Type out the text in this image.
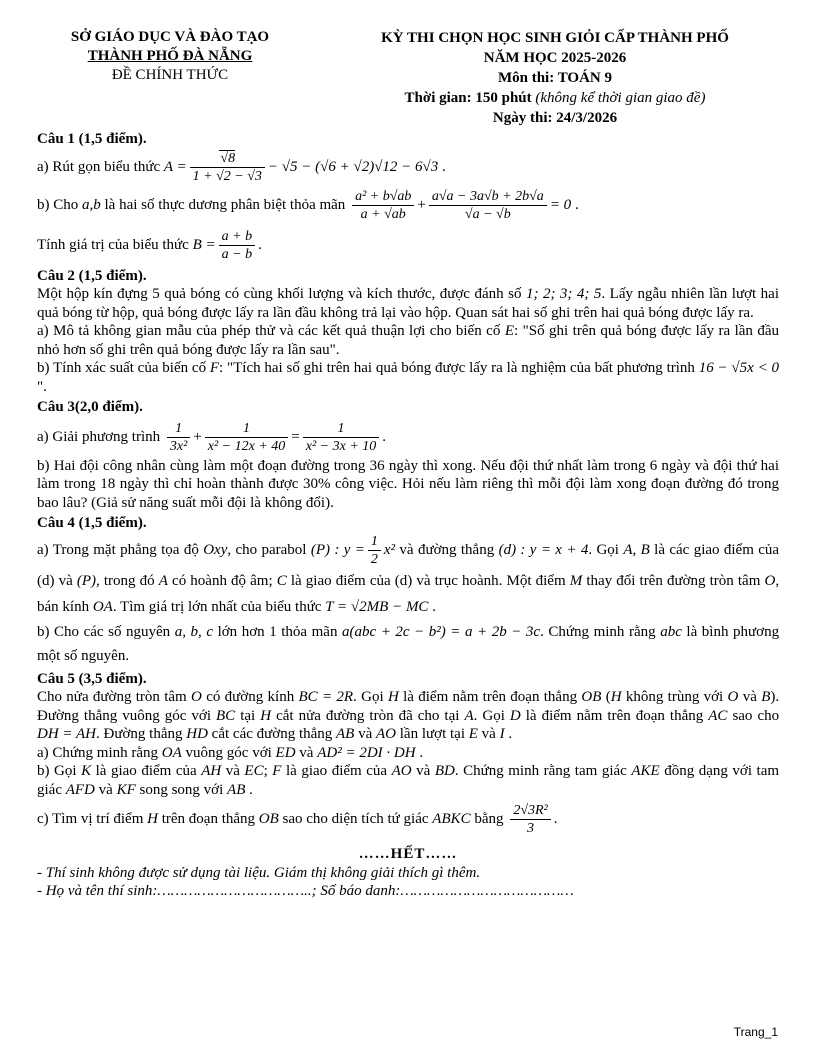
SỞ GIÁO DỤC VÀ ĐÀO TẠO
THÀNH PHỐ ĐÀ NẴNG
ĐỀ CHÍNH THỨC
KỲ THI CHỌN HỌC SINH GIỎI CẤP THÀNH PHỐ
NĂM HỌC 2025-2026
Môn thi: TOÁN 9
Thời gian: 150 phút (không kể thời gian giao đề)
Ngày thi: 24/3/2026
Câu 1 (1,5 điểm).
a) Rút gọn biểu thức $A = \frac{√8}{1 + √2 - √3} - √5 - (√6 + √2)√12 - 6√3$ .
b) Cho a,b là hai số thực dương phân biệt thỏa mãn $\frac{\text{a² + b√ab}}{a + √ab} + \frac{a√a - 3a√b + 2b√a}{√a - √b} = 0$ .
Tính giá trị của biểu thức $B = \frac{a + b}{a - b}$ .
Câu 2 (1,5 điểm).
Một hộp kín đựng 5 quả bóng có cùng khối lượng và kích thước, được đánh số 1; 2; 3; 4; 5. Lấy ngẫu nhiên lần lượt hai quả bóng từ hộp, quả bóng được lấy ra lần đầu không trả lại vào hộp. Quan sát hai số ghi trên hai quả bóng được lấy ra.
a) Mô tả không gian mẫu của phép thử và các kết quả thuận lợi cho biến cố E: "Số ghi trên quả bóng được lấy ra lần đầu nhỏ hơn số ghi trên quả bóng được lấy ra lần sau".
b) Tính xác suất của biến cố F: "Tích hai số ghi trên hai quả bóng được lấy ra là nghiệm của bất phương trình 16 − √5x < 0 ".
Câu 3(2,0 điểm).
a) Giải phương trình $\frac{1}{\text{3x²}} + \frac{1}{\text{x² − 12x + 40}} = \frac{1}{\text{x² − 3x + 10}}$ .
b) Hai đội công nhân cùng làm một đoạn đường trong 36 ngày thì xong. Nếu đội thứ nhất làm trong 6 ngày và đội thứ hai làm trong 18 ngày thì chỉ hoàn thành được 30% công việc. Hỏi nếu làm riêng thì mỗi đội làm xong đoạn đường đó trong bao lâu? (Giả sử năng suất mỗi đội là không đổi).
Câu 4 (1,5 điểm).
a) Trong mặt phẳng tọa độ Oxy, cho parabol (P) : $y = \frac{1}{2} x^2$ và đường thẳng (d) : y = x + 4. Gọi A, B là các giao điểm của (d) và (P), trong đó A có hoành độ âm; C là giao điểm của (d) và trục hoành. Một điểm M thay đổi trên đường tròn tâm O, bán kính OA. Tìm giá trị lớn nhất của biểu thức T = √2MB − MC .
b) Cho các số nguyên a, b, c lớn hơn 1 thỏa mãn a(abc + 2c − b²) = a + 2b − 3c. Chứng minh rằng abc là bình phương một số nguyên.
Câu 5 (3,5 điểm).
Cho nửa đường tròn tâm O có đường kính BC = 2R. Gọi H là điểm nằm trên đoạn thẳng OB (H không trùng với O và B). Đường thẳng vuông góc với BC tại H cắt nửa đường tròn đã cho tại A. Gọi D là điểm nằm trên đoạn thẳng AC sao cho DH = AH. Đường thẳng HD cắt các đường thẳng AB và AO lần lượt tại E và I .
a) Chứng minh rằng OA vuông góc với ED và AD² = 2DI · DH .
b) Gọi K là giao điểm của AH và EC; F là giao điểm của AO và BD. Chứng minh rằng tam giác AKE đồng dạng với tam giác AFD và KF song song với AB .
c) Tìm vị trí điểm H trên đoạn thẳng OB sao cho diện tích tứ giác ABKC bằng $\frac{\text{2√3R²}}{3}$ .
……HẾT……
- Thí sinh không được sử dụng tài liệu. Giám thị không giải thích gì thêm.
- Họ và tên thí sinh:……………………………..; Số báo danh:…………………………………
Trang_1
